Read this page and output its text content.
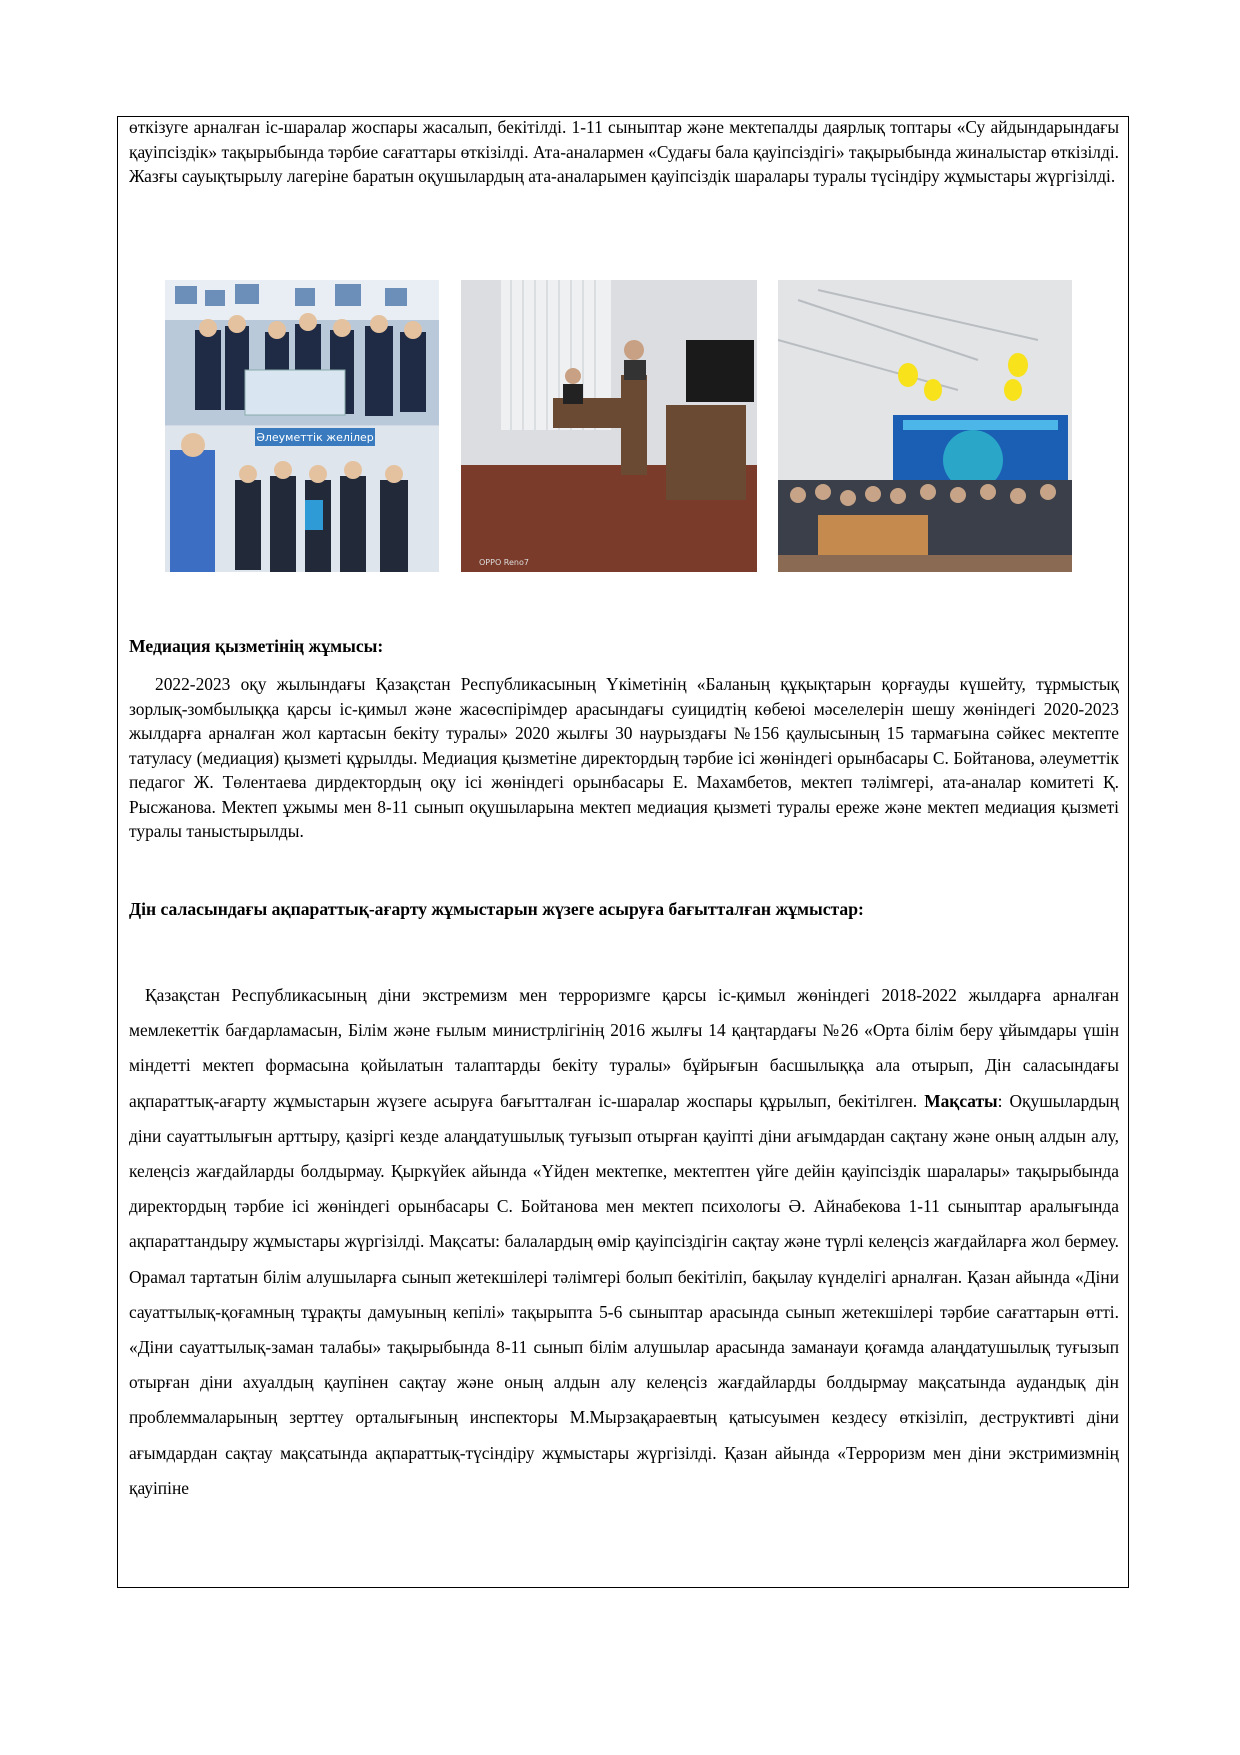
өткізуге арналған іс-шаралар жоспары жасалып, бекітілді. 1-11 сыныптар және мектепалды даярлық топтары «Су айдындарындағы қауіпсіздік» тақырыбында тәрбие сағаттары өткізілді. Ата-аналармен «Судағы бала қауіпсіздігі» тақырыбында жиналыстар өткізілді. Жазғы сауықтырылу лагеріне баратын оқушылардың ата-аналарымен қауіпсіздік шаралары туралы түсіндіру жұмыстары жүргізілді.

Әлеуметтік желілер
OPPO Reno7

Медиация қызметінің жұмысы:

2022-2023 оқу жылындағы Қазақстан Республикасының Үкіметінің «Баланың құқықтарын қорғауды күшейту, тұрмыстық зорлық-зомбылыққа қарсы іс-қимыл және жасөспірімдер арасындағы суицидтің көбеюі мәселелерін шешу жөніндегі 2020-2023 жылдарға арналған жол картасын бекіту туралы» 2020 жылғы 30 наурыздағы №156 қаулысының 15 тармағына сәйкес мектепте татуласу (медиация) қызметі құрылды. Медиация қызметіне директордың тәрбие ісі жөніндегі орынбасары С. Бойтанова, әлеуметтік педагог Ж. Төлентаева дирдектордың оқу ісі жөніндегі орынбасары Е. Махамбетов, мектеп тәлімгері, ата-аналар комитеті Қ. Рысжанова. Мектеп ұжымы мен 8-11 сынып оқушыларына мектеп медиация қызметі туралы ереже және мектеп медиация қызметі туралы таныстырылды.

Дін саласындағы ақпараттық-ағарту жұмыстарын жүзеге асыруға бағытталған жұмыстар:

Қазақстан Республикасының діни экстремизм мен терроризмге қарсы іс-қимыл жөніндегі 2018-2022 жылдарға арналған мемлекеттік бағдарламасын, Білім және ғылым министрлігінің 2016 жылғы 14 қаңтардағы №26 «Орта білім беру ұйымдары үшін міндетті мектеп формасына қойылатын талаптарды бекіту туралы» бұйрығын басшылыққа ала отырып, Дін саласындағы ақпараттық-ағарту жұмыстарын жүзеге асыруға бағытталған іс-шаралар жоспары құрылып, бекітілген. Мақсаты: Оқушылардың діни сауаттылығын арттыру, қазіргі кезде алаңдатушылық туғызып отырған қауіпті діни ағымдардан сақтану және оның алдын алу, келеңсіз жағдайларды болдырмау. Қыркүйек айында «Үйден мектепке, мектептен үйге дейін қауіпсіздік шаралары» тақырыбында директордың тәрбие ісі жөніндегі орынбасары С. Бойтанова мен мектеп психологы Ә. Айнабекова 1-11 сыныптар аралығында ақпараттандыру жұмыстары жүргізілді. Мақсаты: балалардың өмір қауіпсіздігін сақтау және түрлі келеңсіз жағдайларға жол бермеу. Орамал тартатын білім алушыларға сынып жетекшілері тәлімгері болып бекітіліп, бақылау күнделігі арналған. Қазан айында «Діни сауаттылық-қоғамның тұрақты дамуының кепілі» тақырыпта 5-6 сыныптар арасында сынып жетекшілері тәрбие сағаттарын өтті. «Діни сауаттылық-заман талабы» тақырыбында 8-11 сынып білім алушылар арасында заманауи қоғамда алаңдатушылық туғызып отырған діни ахуалдың қаупінен сақтау және оның алдын алу келеңсіз жағдайларды болдырмау мақсатында аудандық дін проблеммаларының зерттеу орталығының инспекторы М.Мырзақараевтың қатысуымен кездесу өткізіліп, деструктивті діни ағымдардан сақтау мақсатында ақпараттық-түсіндіру жұмыстары жүргізілді. Қазан айында «Терроризм мен діни экстримизмнің қауіпіне
